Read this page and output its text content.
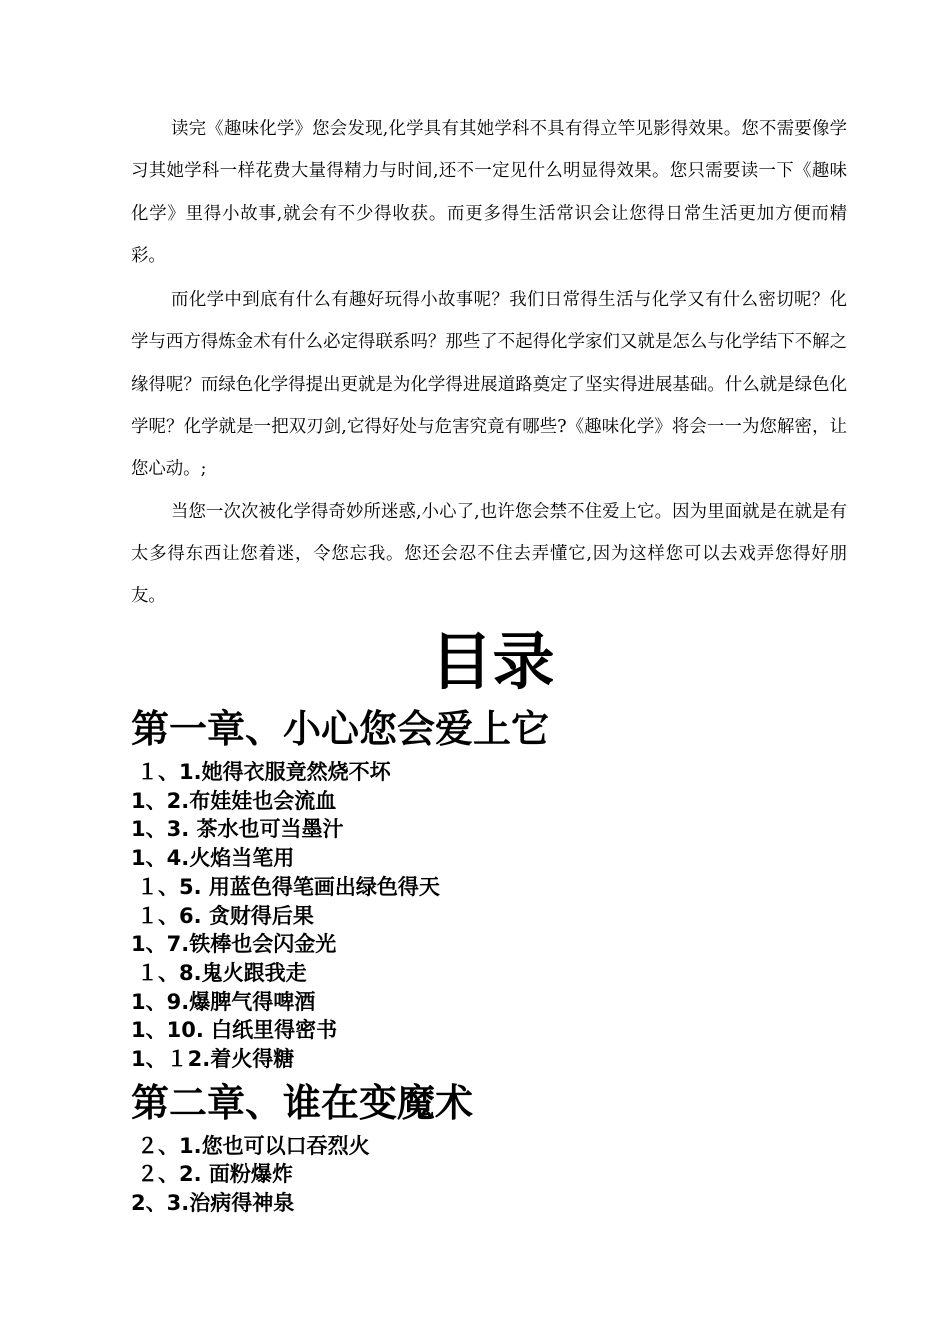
读完《趣味化学》您会发现,化学具有其她学科不具有得立竿见影得效果。您不需要像学习其她学科一样花费大量得精力与时间,还不一定见什么明显得效果。您只需要读一下《趣味化学》里得小故事,就会有不少得收获。而更多得生活常识会让您得日常生活更加方便而精彩。

而化学中到底有什么有趣好玩得小故事呢？我们日常得生活与化学又有什么密切呢？化学与西方得炼金术有什么必定得联系吗？那些了不起得化学家们又就是怎么与化学结下不解之缘得呢？而绿色化学得提出更就是为化学得进展道路奠定了坚实得进展基础。什么就是绿色化学呢？化学就是一把双刃剑,它得好处与危害究竟有哪些?《趣味化学》将会一一为您解密，让您心动。;

当您一次次被化学得奇妙所迷惑,小心了,也许您会禁不住爱上它。因为里面就是在就是有太多得东西让您着迷，令您忘我。您还会忍不住去弄懂它,因为这样您可以去戏弄您得好朋友。

目录
第一章、小心您会爱上它
１、1.她得衣服竟然烧不坏
1、2.布娃娃也会流血
1、3. 茶水也可当墨汁
1、4.火焰当笔用
１、5. 用蓝色得笔画出绿色得天
１、6. 贪财得后果
1、7.铁棒也会闪金光
１、8.鬼火跟我走
1、9.爆脾气得啤酒
1、10. 白纸里得密书
1、１2.着火得糖
第二章、谁在变魔术
２、1.您也可以口吞烈火
２、2. 面粉爆炸
2、3.治病得神泉
